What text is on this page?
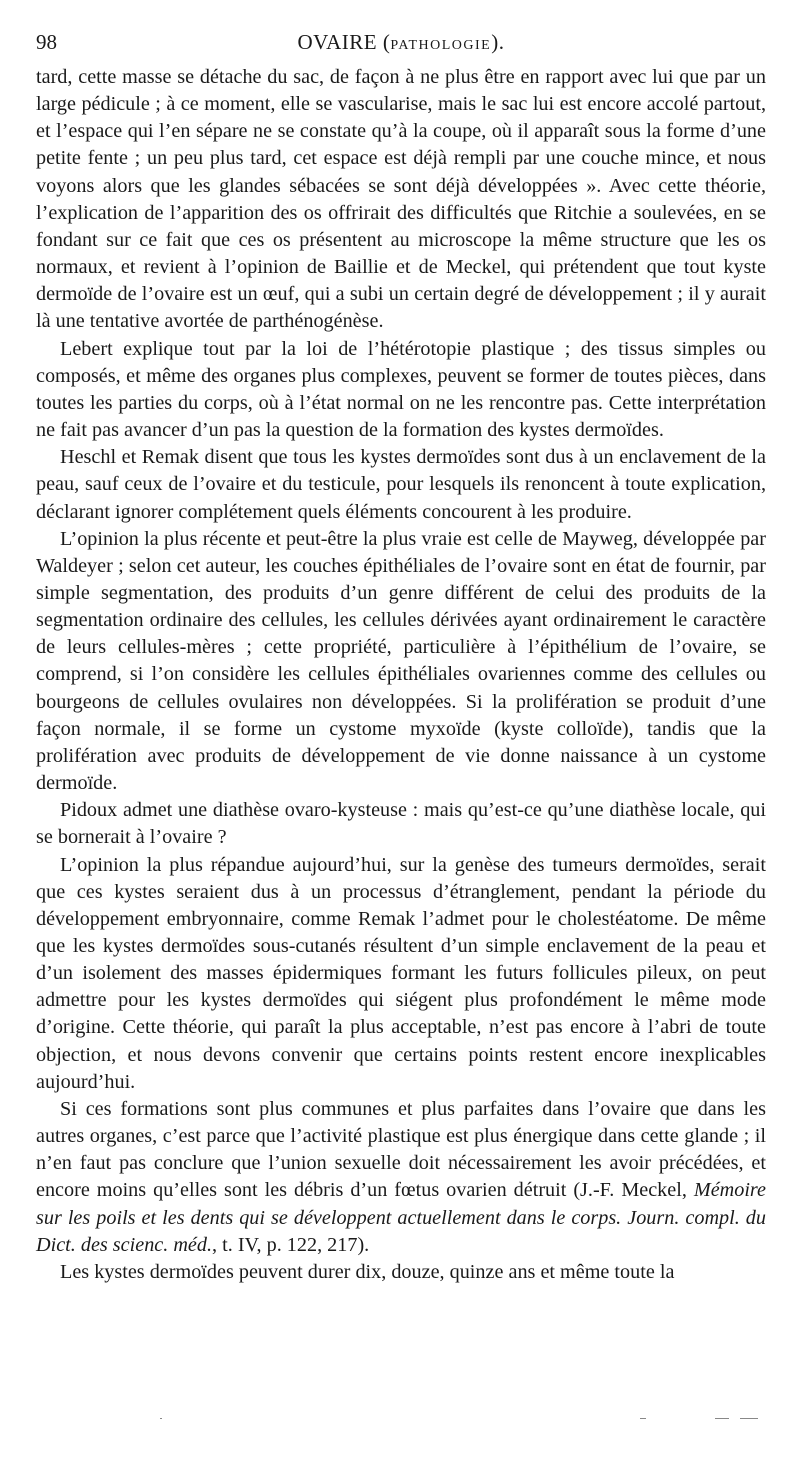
98	OVAIRE (PATHOLOGIE).

tard, cette masse se détache du sac, de façon à ne plus être en rapport avec lui que par un large pédicule ; à ce moment, elle se vascularise, mais le sac lui est encore accolé partout, et l’espace qui l’en sépare ne se constate qu’à la coupe, où il apparaît sous la forme d’une petite fente ; un peu plus tard, cet espace est déjà rempli par une couche mince, et nous voyons alors que les glandes sébacées se sont déjà développées ». Avec cette théorie, l’explication de l’apparition des os offrirait des difficultés que Ritchie a soulevées, en se fondant sur ce fait que ces os présentent au microscope la même structure que les os normaux, et revient à l’opinion de Baillie et de Meckel, qui prétendent que tout kyste dermoïde de l’ovaire est un œuf, qui a subi un certain degré de développement ; il y aurait là une tentative avortée de parthénogénèse.

Lebert explique tout par la loi de l’hétérotopie plastique ; des tissus simples ou composés, et même des organes plus complexes, peuvent se former de toutes pièces, dans toutes les parties du corps, où à l’état normal on ne les rencontre pas. Cette interprétation ne fait pas avancer d’un pas la question de la formation des kystes dermoïdes.

Heschl et Remak disent que tous les kystes dermoïdes sont dus à un enclavement de la peau, sauf ceux de l’ovaire et du testicule, pour lesquels ils renoncent à toute explication, déclarant ignorer complétement quels éléments concourent à les produire.

L’opinion la plus récente et peut-être la plus vraie est celle de Mayweg, développée par Waldeyer ; selon cet auteur, les couches épithéliales de l’ovaire sont en état de fournir, par simple segmentation, des produits d’un genre différent de celui des produits de la segmentation ordinaire des cellules, les cellules dérivées ayant ordinairement le caractère de leurs cellules-mères ; cette propriété, particulière à l’épithélium de l’ovaire, se comprend, si l’on considère les cellules épithéliales ovariennes comme des cellules ou bourgeons de cellules ovulaires non développées. Si la prolifération se produit d’une façon normale, il se forme un cystome myxoïde (kyste colloïde), tandis que la prolifération avec produits de développement de vie donne naissance à un cystome dermoïde.

Pidoux admet une diathèse ovaro-kysteuse : mais qu’est-ce qu’une diathèse locale, qui se bornerait à l’ovaire ?

L’opinion la plus répandue aujourd’hui, sur la genèse des tumeurs dermoïdes, serait que ces kystes seraient dus à un processus d’étranglement, pendant la période du développement embryonnaire, comme Remak l’admet pour le cholestéatome. De même que les kystes dermoïdes sous-cutanés résultent d’un simple enclavement de la peau et d’un isolement des masses épidermiques formant les futurs follicules pileux, on peut admettre pour les kystes dermoïdes qui siégent plus profondément le même mode d’origine. Cette théorie, qui paraît la plus acceptable, n’est pas encore à l’abri de toute objection, et nous devons convenir que certains points restent encore inexplicables aujourd’hui.

Si ces formations sont plus communes et plus parfaites dans l’ovaire que dans les autres organes, c’est parce que l’activité plastique est plus énergique dans cette glande ; il n’en faut pas conclure que l’union sexuelle doit nécessairement les avoir précédées, et encore moins qu’elles sont les débris d’un fœtus ovarien détruit (J.-F. Meckel, Mémoire sur les poils et les dents qui se développent actuellement dans le corps. Journ. compl. du Dict. des scienc. méd., t. IV, p. 122, 217).

Les kystes dermoïdes peuvent durer dix, douze, quinze ans et même toute la
